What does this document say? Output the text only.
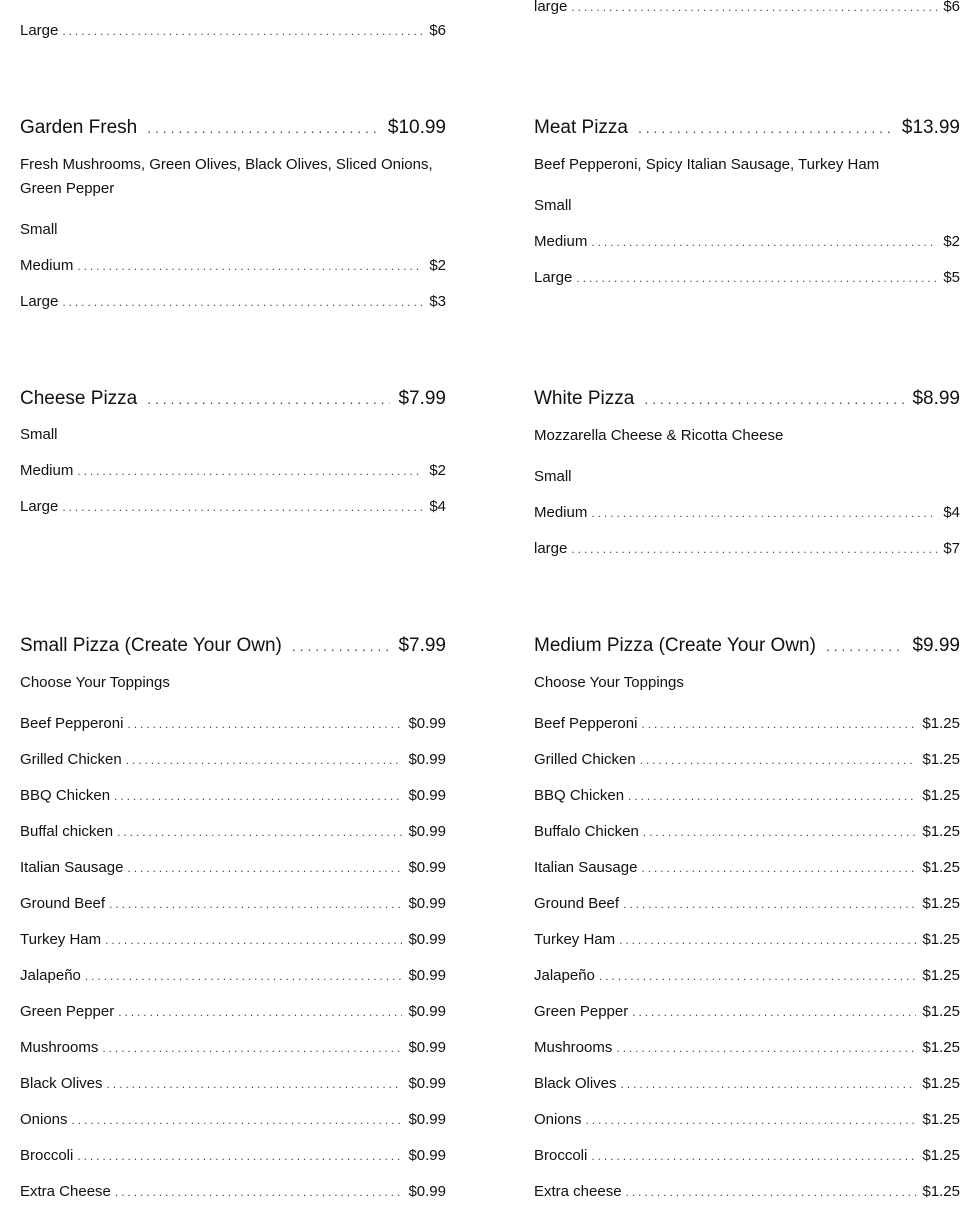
. . .
Large . . .	$6
Garden Fresh . . .	$10.99
Fresh Mushrooms, Green Olives, Black Olives, Sliced Onions, Green Pepper
Small
Medium . . .	$2
Large . . .	$3
Cheese Pizza . . .	$7.99
Small
Medium . . .	$2
Large . . .	$4
Small Pizza (Create Your Own) . . .	$7.99
Choose Your Toppings
Beef Pepperoni . . .	$0.99
Grilled Chicken . . .	$0.99
BBQ Chicken . . .	$0.99
Buffal chicken . . .	$0.99
Italian Sausage . . .	$0.99
Ground Beef . . .	$0.99
Turkey Ham . . .	$0.99
Jalapeño . . .	$0.99
Green Pepper . . .	$0.99
Mushrooms . . .	$0.99
Black Olives . . .	$0.99
Onions . . .	$0.99
Broccoli . . .	$0.99
Extra Cheese . . .	$0.99
large . . .	$6
Meat Pizza . . .	$13.99
Beef Pepperoni, Spicy Italian Sausage, Turkey Ham
Small
Medium . . .	$2
Large . . .	$5
White Pizza . . .	$8.99
Mozzarella Cheese & Ricotta Cheese
Small
Medium . . .	$4
large . . .	$7
Medium Pizza (Create Your Own) . . .	$9.99
Choose Your Toppings
Beef Pepperoni . . .	$1.25
Grilled Chicken . . .	$1.25
BBQ Chicken . . .	$1.25
Buffalo Chicken . . .	$1.25
Italian Sausage . . .	$1.25
Ground Beef . . .	$1.25
Turkey Ham . . .	$1.25
Jalapeño . . .	$1.25
Green Pepper . . .	$1.25
Mushrooms . . .	$1.25
Black Olives . . .	$1.25
Onions . . .	$1.25
Broccoli . . .	$1.25
Extra cheese . . .	$1.25
